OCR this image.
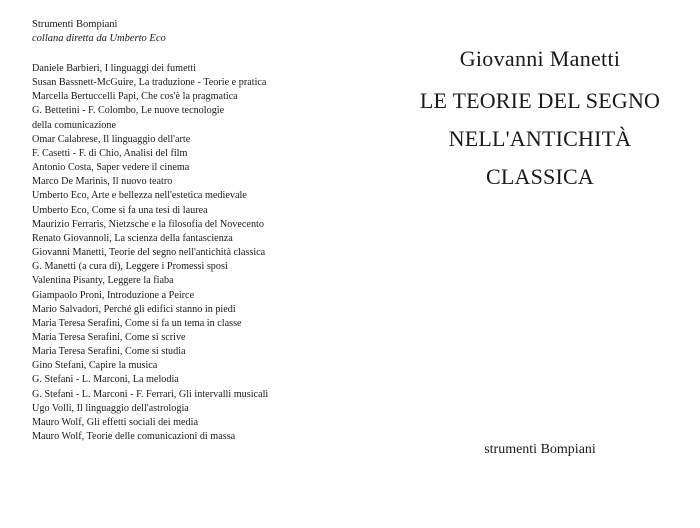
Strumenti Bompiani
collana diretta da Umberto Eco
Daniele Barbieri, I linguaggi dei fumetti
Susan Bassnett-McGuire, La traduzione - Teorie e pratica
Marcella Bertuccelli Papi, Che cos'è la pragmatica
G. Bettetini - F. Colombo, Le nuove tecnologie
della comunicazione
Omar Calabrese, Il linguaggio dell'arte
F. Casetti - F. di Chio, Analisi del film
Antonio Costa, Saper vedere il cinema
Marco De Marinis, Il nuovo teatro
Umberto Eco, Arte e bellezza nell'estetica medievale
Umberto Eco, Come si fa una tesi di laurea
Maurizio Ferraris, Nietzsche e la filosofia del Novecento
Renato Giovannoli, La scienza della fantascienza
Giovanni Manetti, Teorie del segno nell'antichità classica
G. Manetti (a cura di), Leggere i Promessi sposi
Valentina Pisanty, Leggere la fiaba
Giampaolo Proni, Introduzione a Peirce
Mario Salvadori, Perché gli edifici stanno in piedi
Maria Teresa Serafini, Come si fa un tema in classe
Maria Teresa Serafini, Come si scrive
Maria Teresa Serafini, Come si studia
Gino Stefani, Capire la musica
G. Stefani - L. Marconi, La melodia
G. Stefani - L. Marconi - F. Ferrari, Gli intervalli musicali
Ugo Volli, Il linguaggio dell'astrologia
Mauro Wolf, Gli effetti sociali dei media
Mauro Wolf, Teorie delle comunicazioni di massa
Giovanni Manetti
LE TEORIE DEL SEGNO
NELL'ANTICHITÀ
CLASSICA
strumenti Bompiani
